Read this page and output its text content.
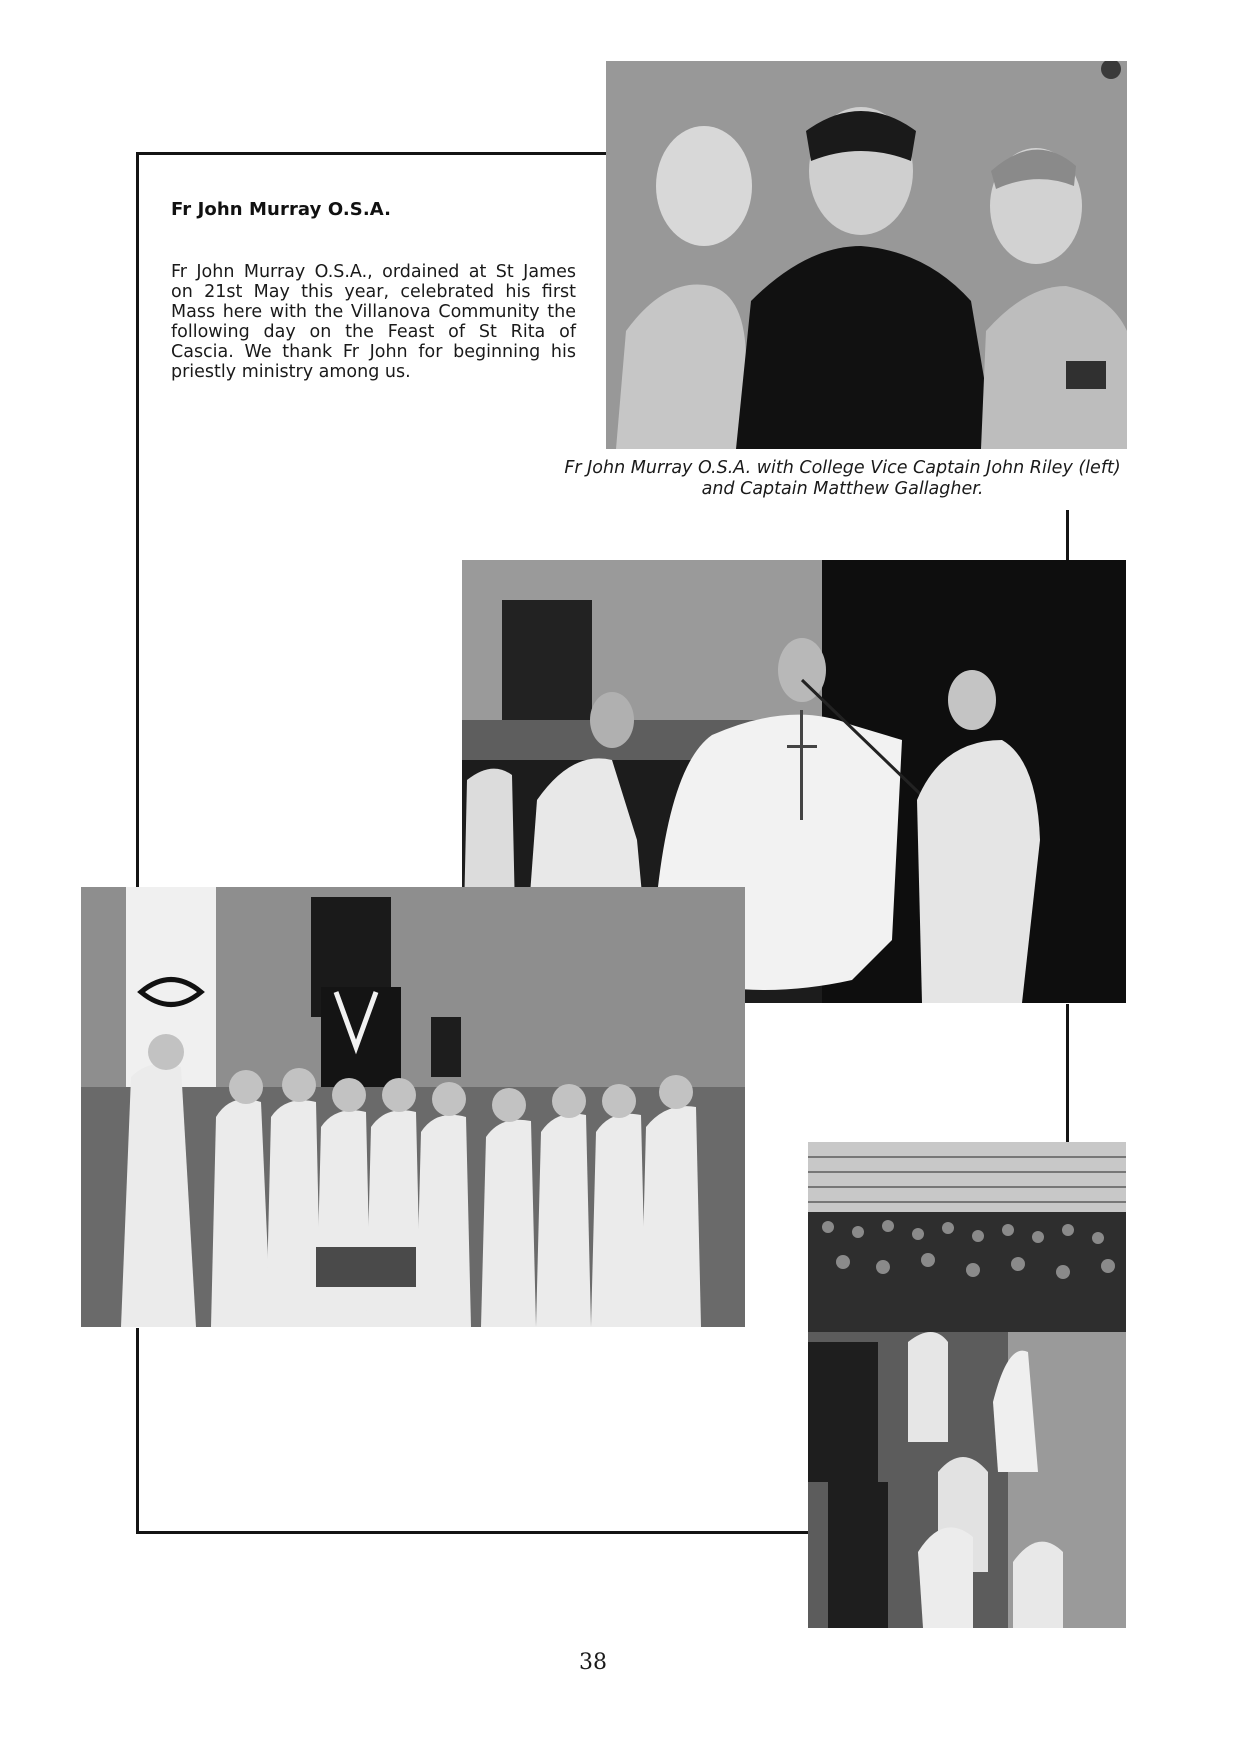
Fr John Murray O.S.A.

Fr John Murray O.S.A., ordained at St James on 21st May this year, celebrated his first Mass here with the Villanova Community the following day on the Feast of St Rita of Cascia. We thank Fr John for beginning his priestly ministry among us.

Fr John Murray O.S.A. with College Vice Captain John Riley (left) and Captain Matthew Gallagher.

38
